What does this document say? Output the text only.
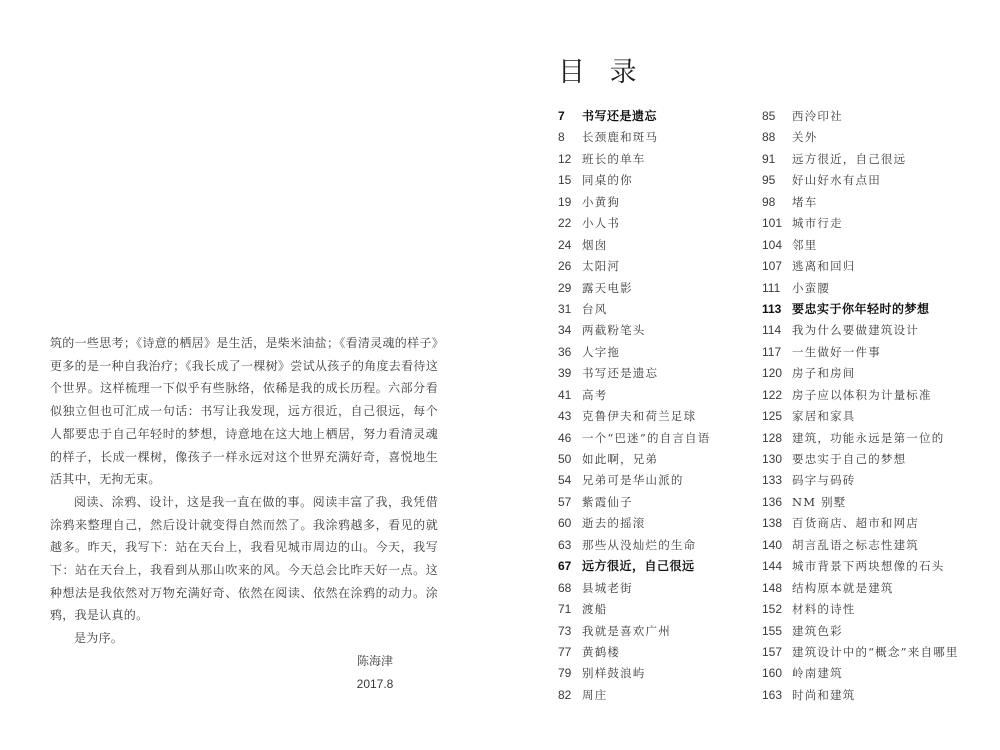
筑的一些思考；《诗意的栖居》是生活，是柴米油盐；《看清灵魂的样子》更多的是一种自我治疗；《我长成了一棵树》尝试从孩子的角度去看待这个世界。这样梳理一下似乎有些脉络，依稀是我的成长历程。六部分看似独立但也可汇成一句话：书写让我发现，远方很近，自己很远，每个人都要忠于自己年轻时的梦想，诗意地在这大地上栖居，努力看清灵魂的样子，长成一棵树，像孩子一样永远对这个世界充满好奇，喜悦地生活其中，无拘无束。

阅读、涂鸦、设计，这是我一直在做的事。阅读丰富了我，我凭借涂鸦来整理自己，然后设计就变得自然而然了。我涂鸦越多，看见的就越多。昨天，我写下：站在天台上，我看见城市周边的山。今天，我写下：站在天台上，我看到从那山吹来的风。今天总会比昨天好一点。这种想法是我依然对万物充满好奇、依然在阅读、依然在涂鸦的动力。涂鸦，我是认真的。

是为序。

陈海津
2017.8
目 录
7 书写还是遗忘
8 长颈鹿和斑马
12 班长的单车
15 同桌的你
19 小黄狗
22 小人书
24 烟囱
26 太阳河
29 露天电影
31 台风
34 两截粉笔头
36 人字拖
39 书写还是遗忘
41 高考
43 克鲁伊夫和荷兰足球
46 一个“巴迷”的自言自语
50 如此啊，兄弟
54 兄弟可是华山派的
57 紫霞仙子
60 逝去的摇滚
63 那些从没灿烂的生命
67 远方很近，自己很远
68 县城老街
71 渡船
73 我就是喜欢广州
77 黄鹤楼
79 别样鼓浪屿
82 周庄
85 西泠印社
88 关外
91 远方很近，自己很远
95 好山好水有点田
98 堵车
101 城市行走
104 邻里
107 逃离和回归
111 小蛮腰
113 要忠实于你年轻时的梦想
114 我为什么要做建筑设计
117 一生做好一件事
120 房子和房间
122 房子应以体积为计量标准
125 家居和家具
128 建筑，功能永远是第一位的
130 要忠实于自己的梦想
133 码字与码砖
136 NM 别墅
138 百货商店、超市和网店
140 胡言乱语之标志性建筑
144 城市背景下两块想像的石头
148 结构原本就是建筑
152 材料的诗性
155 建筑色彩
157 建筑设计中的“概念”来自哪里
160 岭南建筑
163 时尚和建筑
